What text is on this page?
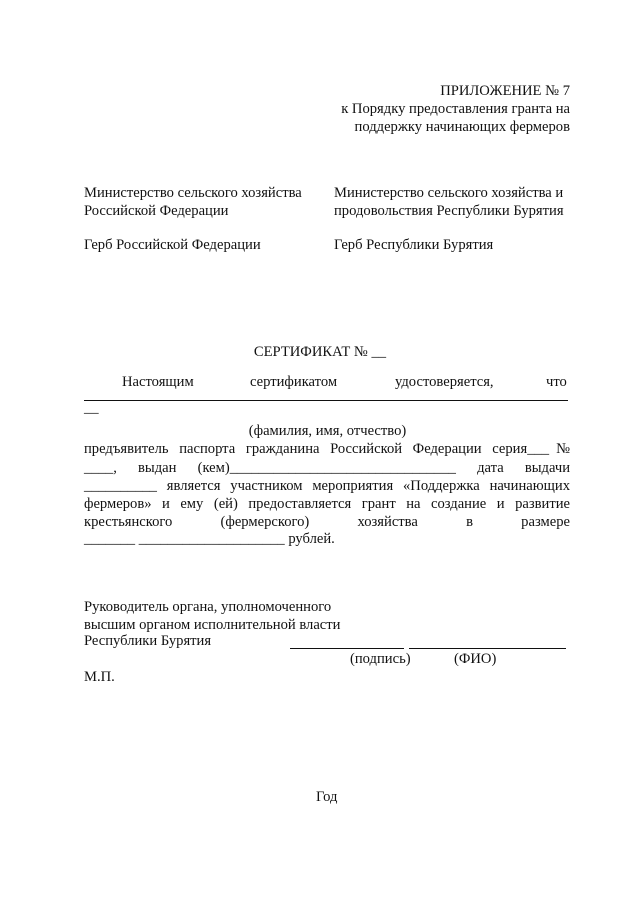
ПРИЛОЖЕНИЕ № 7
к Порядку предоставления гранта на
поддержку начинающих фермеров
Министерство сельского хозяйства
Российской Федерации
Герб Российской Федерации
Министерство сельского хозяйства и
продовольствия Республики Бурятия
Герб Республики Бурятия
СЕРТИФИКАТ № __
Настоящим	сертификатом	удостоверяется,	что
—
(фамилия, имя, отчество)
предъявитель паспорта гражданина Российской Федерации серия___№
____, выдан (кем)_______________________________ дата выдачи
__________ является участником мероприятия «Поддержка начинающих
фермеров» и ему (ей) предоставляется грант на создание и развитие
крестьянского (фермерского) хозяйства в размере
_______ ____________________ рублей.
Руководитель органа, уполномоченного
высшим органом исполнительной власти
Республики Бурятия
(подпись)	(ФИО)
М.П.
Год
